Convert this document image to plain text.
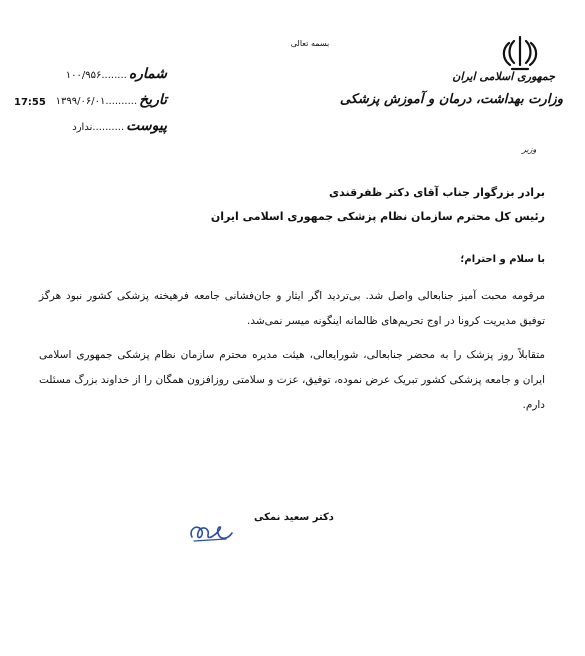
بسمه تعالی
جمهوری اسلامی ایران
وزارت بهداشت، درمان و آموزش پزشکی
وزیر
شماره
........۱۰۰/۹۵۶
تاریخ
..........۱۳۹۹/۰۶/۰۱
پیوست
..........ندارد
17:55
برادر بزرگوار جناب آقای دکتر ظفرقندی
رئیس کل محترم سازمان نظام پزشکی جمهوری اسلامی ایران
با سلام و احترام؛
مرقومه محبت آمیز جنابعالی واصل شد. بی‌تردید اگر ایثار و جان‌فشانی جامعه فرهیخته پزشکی کشور نبود هرگز توفیق مدیریت کرونا در اوج تحریم‌های ظالمانه اینگونه میسر نمی‌شد.
متقابلاً روز پزشک را به محضر جنابعالی، شورایعالی، هیئت مدیره محترم سازمان نظام پزشکی جمهوری اسلامی ایران و جامعه پزشکی کشور تبریک عرض نموده، توفیق، عزت و سلامتی روزافزون همگان را از خداوند بزرگ مسئلت دارم.
دکتر سعید نمکی
